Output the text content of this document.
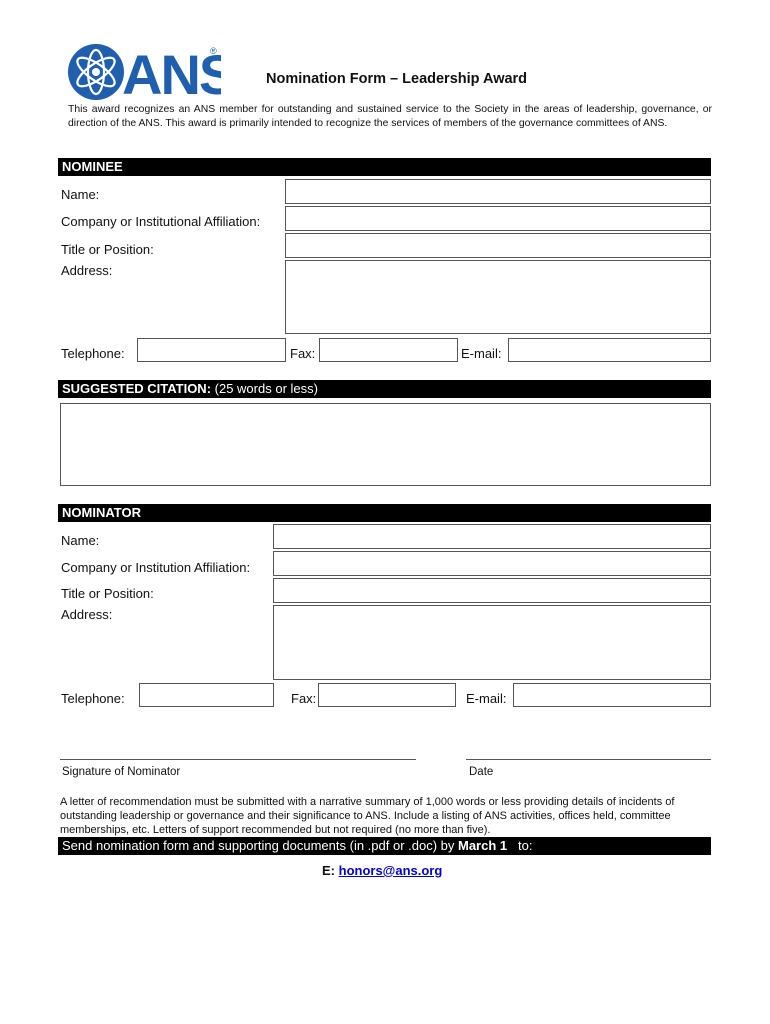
ANS
®
Nomination Form – Leadership Award
This award recognizes an ANS member for outstanding and sustained service to the Society in the areas of leadership, governance, or direction of the ANS. This award is primarily intended to recognize the services of members of the governance committees of ANS.
NOMINEE
Name:
Company or Institutional Affiliation:
Title or Position:
Address:
Telephone:	Fax:	E-mail:
SUGGESTED CITATION: (25 words or less)
NOMINATOR
Name:
Company or Institution Affiliation:
Title or Position:
Address:
Telephone:	Fax:	E-mail:
Signature of Nominator	Date
A letter of recommendation must be submitted with a narrative summary of 1,000 words or less providing details of incidents of outstanding leadership or governance and their significance to ANS. Include a listing of ANS activities, offices held, committee memberships, etc. Letters of support recommended but not required (no more than five).
Send nomination form and supporting documents (in .pdf or .doc) by March 1   to:
E: honors@ans.org
